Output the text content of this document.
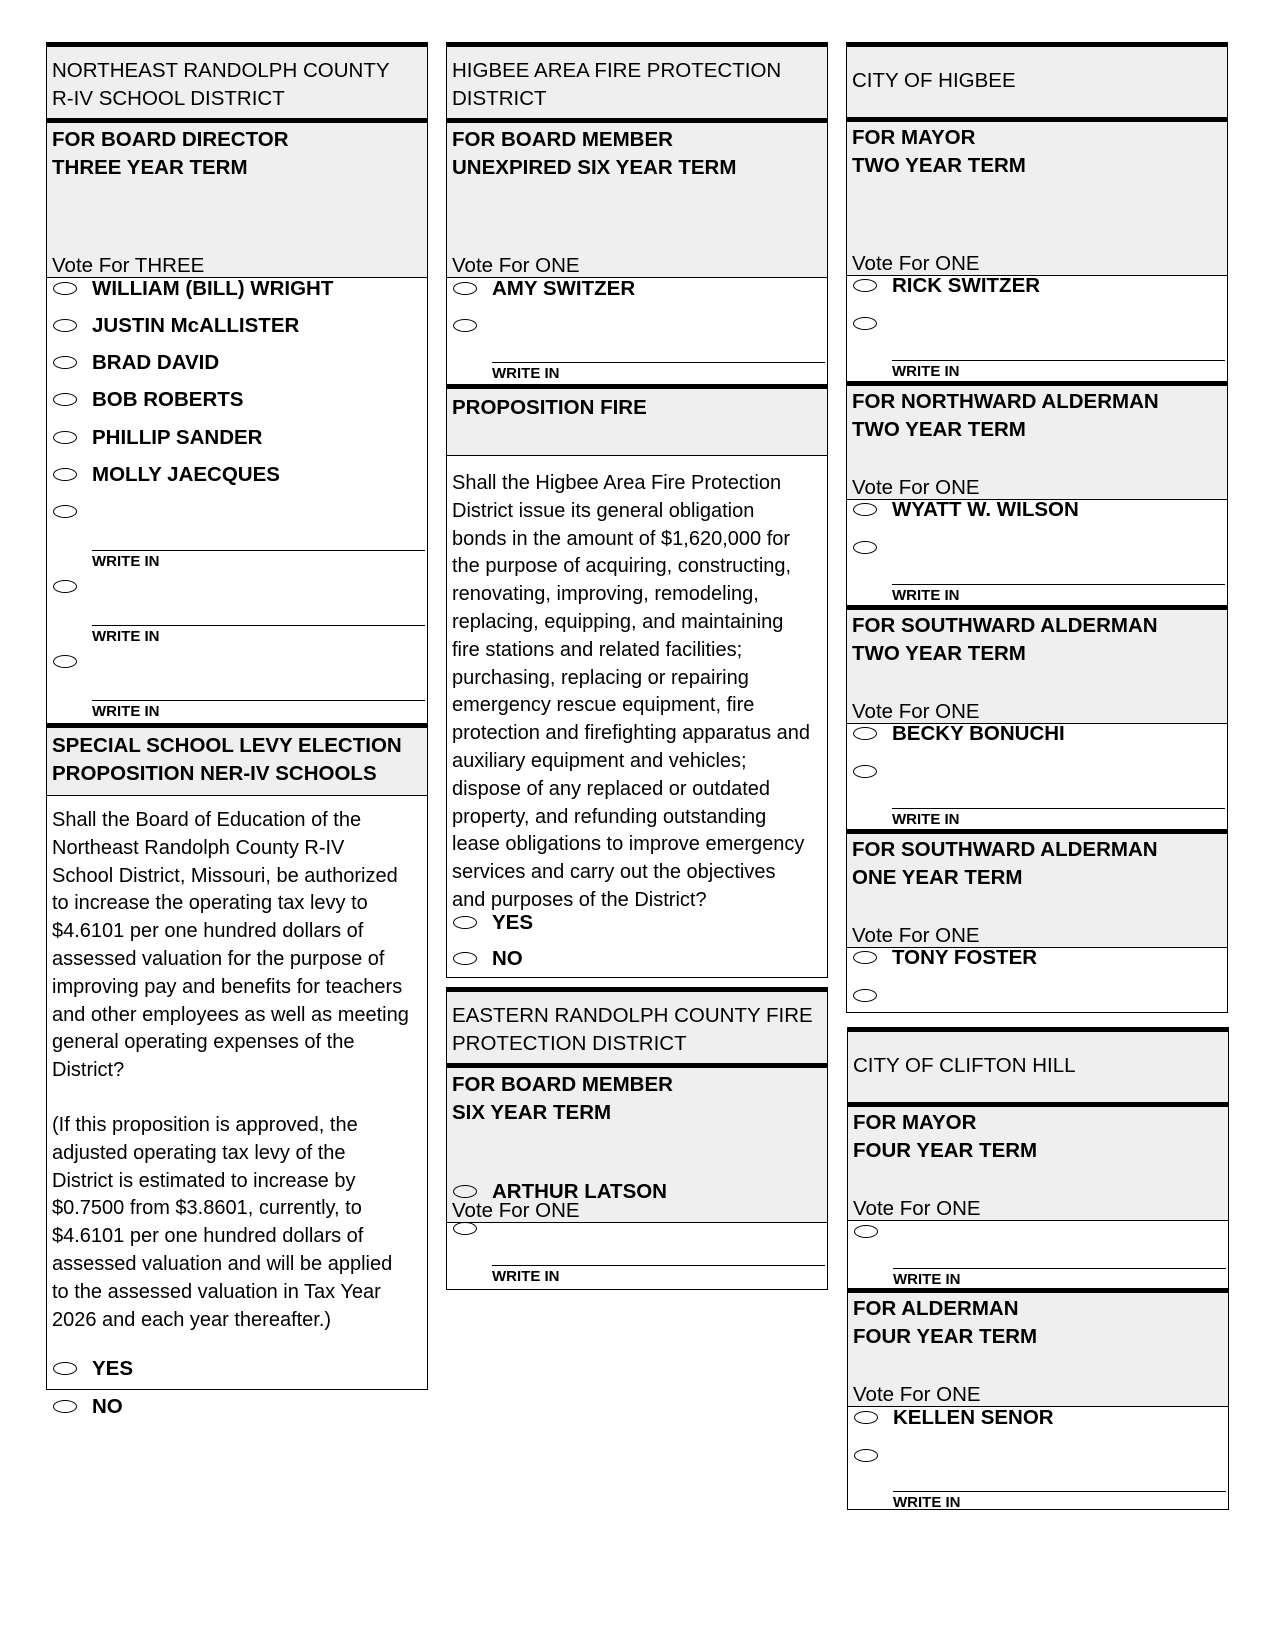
NORTHEAST RANDOLPH COUNTY
R-IV SCHOOL DISTRICT
FOR BOARD DIRECTOR
THREE YEAR TERM
Vote For THREE
WILLIAM (BILL) WRIGHT
JUSTIN McALLISTER
BRAD DAVID
BOB ROBERTS
PHILLIP SANDER
MOLLY JAECQUES
WRITE IN
WRITE IN
WRITE IN
SPECIAL SCHOOL LEVY ELECTION
PROPOSITION NER-IV SCHOOLS
Shall the Board of Education of the
Northeast Randolph County R-IV
School District, Missouri, be authorized
to increase the operating tax levy to
$4.6101 per one hundred dollars of
assessed valuation for the purpose of
improving pay and benefits for teachers
and other employees as well as meeting
general operating expenses of the
District?
(If this proposition is approved, the
adjusted operating tax levy of the
District is estimated to increase by
$0.7500 from $3.8601, currently, to
$4.6101 per one hundred dollars of
assessed valuation and will be applied
to the assessed valuation in Tax Year
2026 and each year thereafter.)
YES
NO
HIGBEE AREA FIRE PROTECTION
DISTRICT
FOR BOARD MEMBER
UNEXPIRED SIX YEAR TERM
Vote For ONE
AMY SWITZER
WRITE IN
PROPOSITION FIRE
Shall the Higbee Area Fire Protection
District issue its general obligation
bonds in the amount of $1,620,000 for
the purpose of acquiring, constructing,
renovating, improving, remodeling,
replacing, equipping, and maintaining
fire stations and related facilities;
purchasing, replacing or repairing
emergency rescue equipment, fire
protection and firefighting apparatus and
auxiliary equipment and vehicles;
dispose of any replaced or outdated
property, and refunding outstanding
lease obligations to improve emergency
services and carry out the objectives
and purposes of the District?
YES
NO
EASTERN RANDOLPH COUNTY FIRE
PROTECTION DISTRICT
FOR BOARD MEMBER
SIX YEAR TERM
Vote For ONE
ARTHUR LATSON
WRITE IN
CITY OF HIGBEE
FOR MAYOR
TWO YEAR TERM
Vote For ONE
RICK SWITZER
WRITE IN
FOR NORTHWARD ALDERMAN
TWO YEAR TERM
Vote For ONE
WYATT W. WILSON
WRITE IN
FOR SOUTHWARD ALDERMAN
TWO YEAR TERM
Vote For ONE
BECKY BONUCHI
WRITE IN
FOR SOUTHWARD ALDERMAN
ONE YEAR TERM
Vote For ONE
TONY FOSTER
CITY OF CLIFTON HILL
FOR MAYOR
FOUR YEAR TERM
Vote For ONE
WRITE IN
FOR ALDERMAN
FOUR YEAR TERM
Vote For ONE
KELLEN SENOR
WRITE IN
